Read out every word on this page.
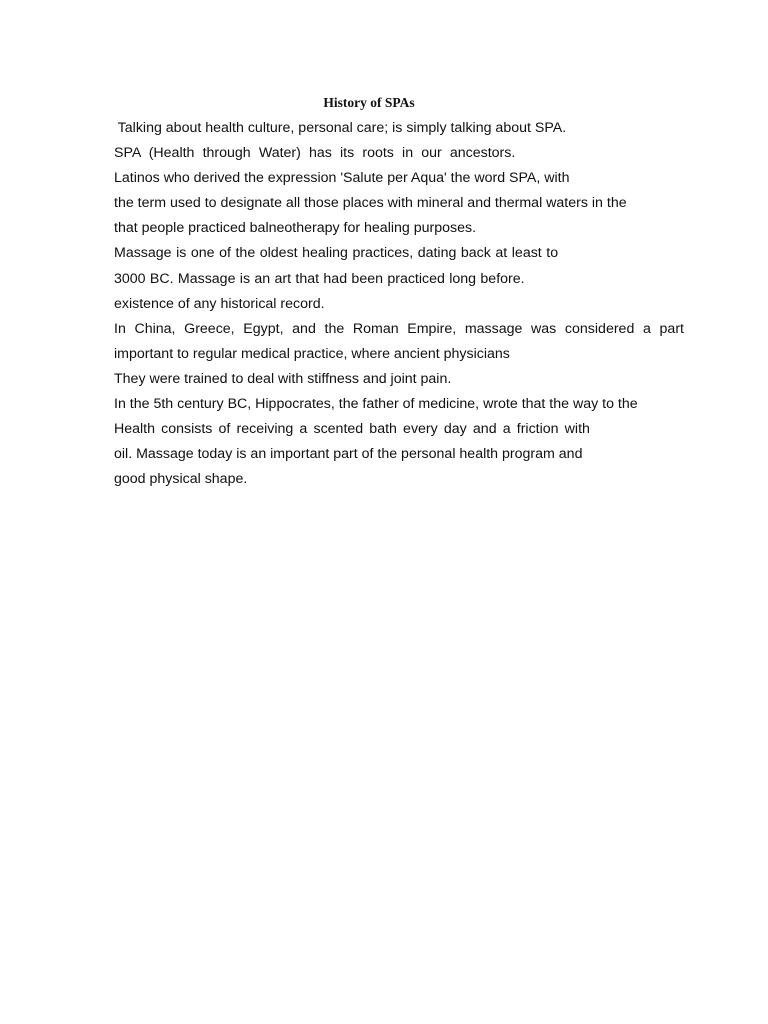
History of SPAs
Talking about health culture, personal care; is simply talking about SPA.
SPA (Health through Water) has its roots in our ancestors.
Latinos who derived the expression 'Salute per Aqua' the word SPA, with
the term used to designate all those places with mineral and thermal waters in the
that people practiced balneotherapy for healing purposes.
Massage is one of the oldest healing practices, dating back at least to
3000 BC. Massage is an art that had been practiced long before.
existence of any historical record.
In China, Greece, Egypt, and the Roman Empire, massage was considered a part
important to regular medical practice, where ancient physicians
They were trained to deal with stiffness and joint pain.
In the 5th century BC, Hippocrates, the father of medicine, wrote that the way to the
Health consists of receiving a scented bath every day and a friction with
oil. Massage today is an important part of the personal health program and
good physical shape.
